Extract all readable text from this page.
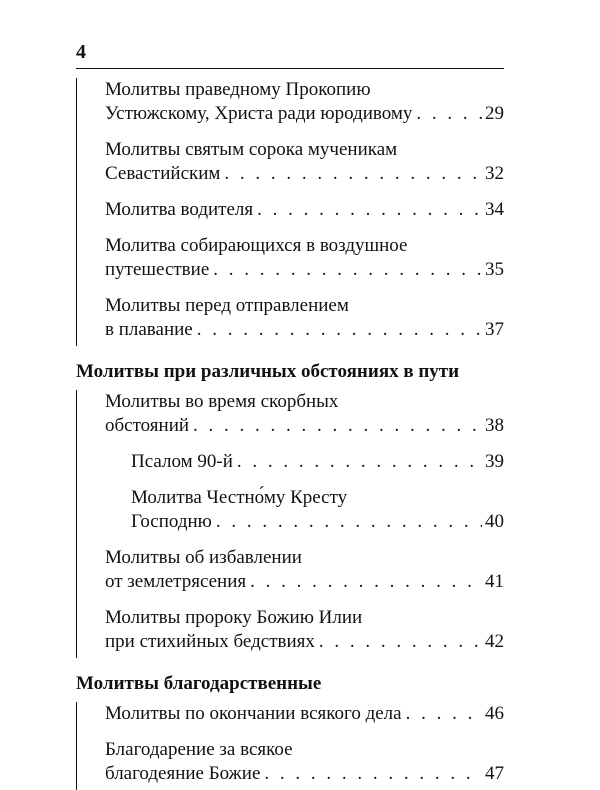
4
Молитвы праведному Прокопию
Устюжскому, Христа ради юродивому . . .	29
Молитвы святым сорока мученикам
Севастийским . . .	32
Молитва водителя . . .	34
Молитва собирающихся в воздушное
путешествие . . .	35
Молитвы перед отправлением
в плавание . . .	37
Молитвы при различных обстояниях в пути
Молитвы во время скорбных
обстояний . . .	38
Псалом 90-й . . .	39
Молитва Честно́му Кресту
Господню . . .	40
Молитвы об избавлении
от землетрясения . . .	41
Молитвы пророку Божию Илии
при стихийных бедствиях . . .	42
Молитвы благодарственные
Молитвы по окончании всякого дела . . .	46
Благодарение за всякое
благодеяние Божие . . .	47
